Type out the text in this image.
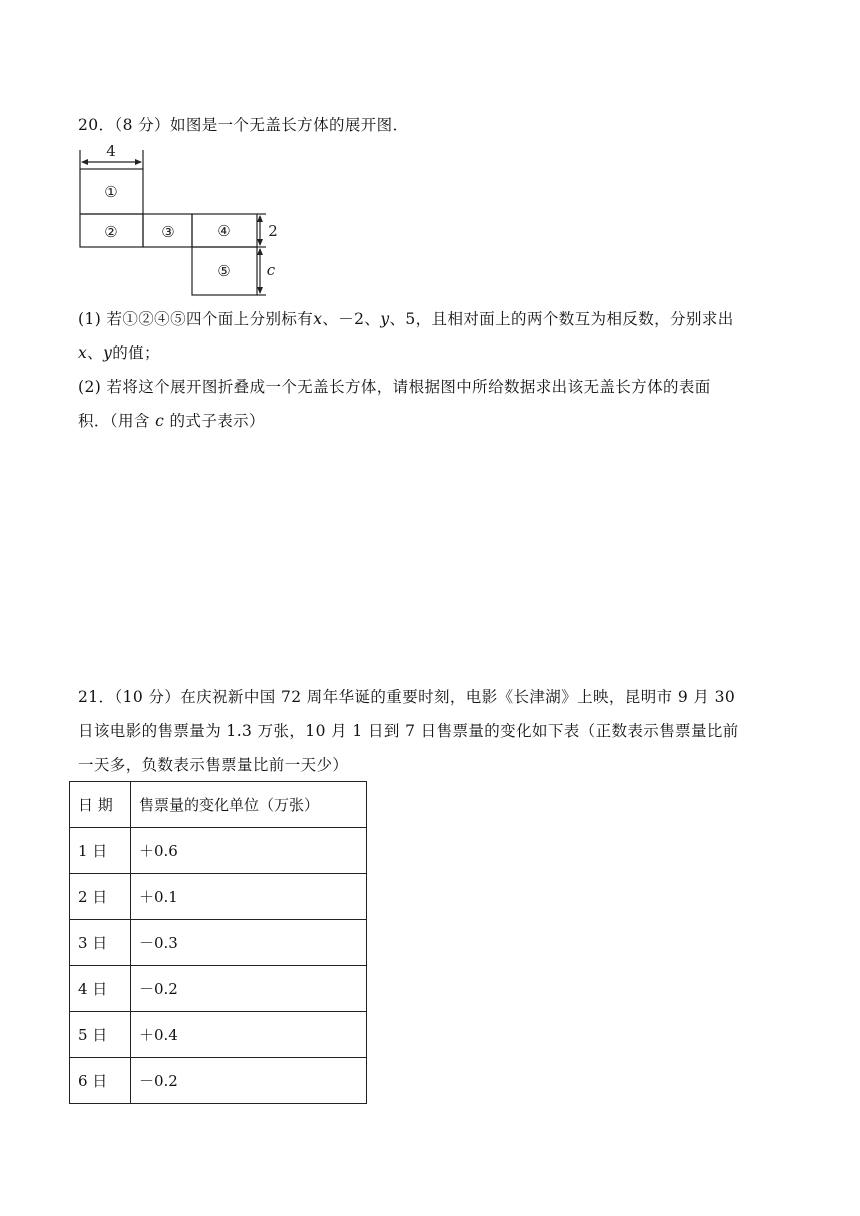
20．（8 分）如图是一个无盖长方体的展开图．
4
①
②	③	④
⑤
2
c
(1) 若①②④⑤四个面上分别标有x、－2、y、5，且相对面上的两个数互为相反数，分别求出
x、y的值；
(2) 若将这个展开图折叠成一个无盖长方体，请根据图中所给数据求出该无盖长方体的表面
积．（用含 c 的式子表示）
21．（10 分）在庆祝新中国 72 周年华诞的重要时刻，电影《长津湖》上映，昆明市 9 月 30
日该电影的售票量为 1.3 万张，10 月 1 日到 7 日售票量的变化如下表（正数表示售票量比前
一天多，负数表示售票量比前一天少）
日 期	售票量的变化单位（万张）
1 日	＋0.6
2 日	＋0.1
3 日	－0.3
4 日	－0.2
5 日	＋0.4
6 日	－0.2
